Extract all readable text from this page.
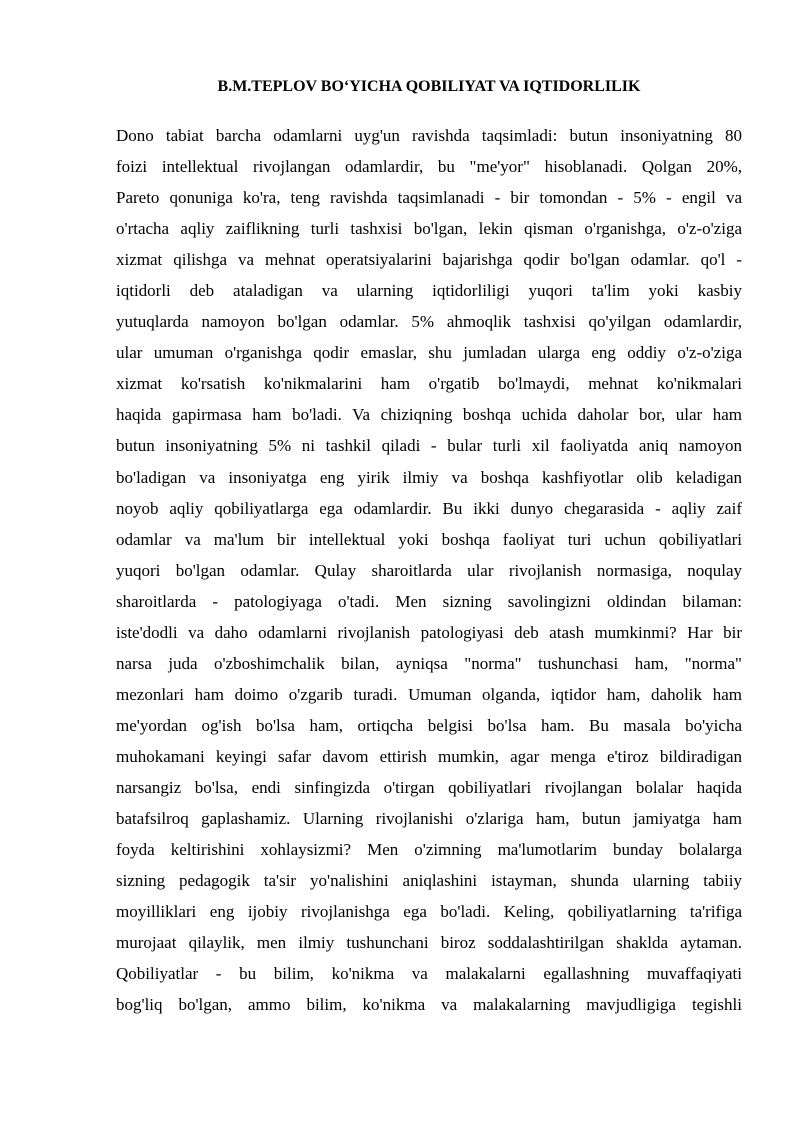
B.M.TEPLOV BO‘YICHA QOBILIYAT VA IQTIDORLILIK
Dono tabiat barcha odamlarni uyg'un ravishda taqsimladi: butun insoniyatning 80
foizi intellektual rivojlangan odamlardir, bu "me'yor" hisoblanadi. Qolgan 20%,
Pareto qonuniga ko'ra, teng ravishda taqsimlanadi - bir tomondan - 5% - engil va
o'rtacha aqliy zaiflikning turli tashxisi bo'lgan, lekin qisman o'rganishga, o'z-o'ziga
xizmat qilishga va mehnat operatsiyalarini bajarishga qodir bo'lgan odamlar. qo'l -
iqtidorli deb ataladigan va ularning iqtidorliligi yuqori ta'lim yoki kasbiy
yutuqlarda namoyon bo'lgan odamlar. 5% ahmoqlik tashxisi qo'yilgan odamlardir,
ular umuman o'rganishga qodir emaslar, shu jumladan ularga eng oddiy o'z-o'ziga
xizmat ko'rsatish ko'nikmalarini ham o'rgatib bo'lmaydi, mehnat ko'nikmalari
haqida gapirmasa ham bo'ladi. Va chiziqning boshqa uchida daholar bor, ular ham
butun insoniyatning 5% ni tashkil qiladi - bular turli xil faoliyatda aniq namoyon
bo'ladigan va insoniyatga eng yirik ilmiy va boshqa kashfiyotlar olib keladigan
noyob aqliy qobiliyatlarga ega odamlardir. Bu ikki dunyo chegarasida - aqliy zaif
odamlar va ma'lum bir intellektual yoki boshqa faoliyat turi uchun qobiliyatlari
yuqori bo'lgan odamlar. Qulay sharoitlarda ular rivojlanish normasiga, noqulay
sharoitlarda - patologiyaga o'tadi. Men sizning savolingizni oldindan bilaman:
iste'dodli va daho odamlarni rivojlanish patologiyasi deb atash mumkinmi? Har bir
narsa juda o'zboshimchalik bilan, ayniqsa "norma" tushunchasi ham, "norma"
mezonlari ham doimo o'zgarib turadi. Umuman olganda, iqtidor ham, daholik ham
me'yordan og'ish bo'lsa ham, ortiqcha belgisi bo'lsa ham. Bu masala bo'yicha
muhokamani keyingi safar davom ettirish mumkin, agar menga e'tiroz bildiradigan
narsangiz bo'lsa, endi sinfingizda o'tirgan qobiliyatlari rivojlangan bolalar haqida
batafsilroq gaplashamiz. Ularning rivojlanishi o'zlariga ham, butun jamiyatga ham
foyda keltirishini xohlaysizmi? Men o'zimning ma'lumotlarim bunday bolalarga
sizning pedagogik ta'sir yo'nalishini aniqlashini istayman, shunda ularning tabiiy
moyilliklari eng ijobiy rivojlanishga ega bo'ladi. Keling, qobiliyatlarning ta'rifiga
murojaat qilaylik, men ilmiy tushunchani biroz soddalashtirilgan shaklda aytaman.
Qobiliyatlar - bu bilim, ko'nikma va malakalarni egallashning muvaffaqiyati
bog'liq bo'lgan, ammo bilim, ko'nikma va malakalarning mavjudligiga tegishli
